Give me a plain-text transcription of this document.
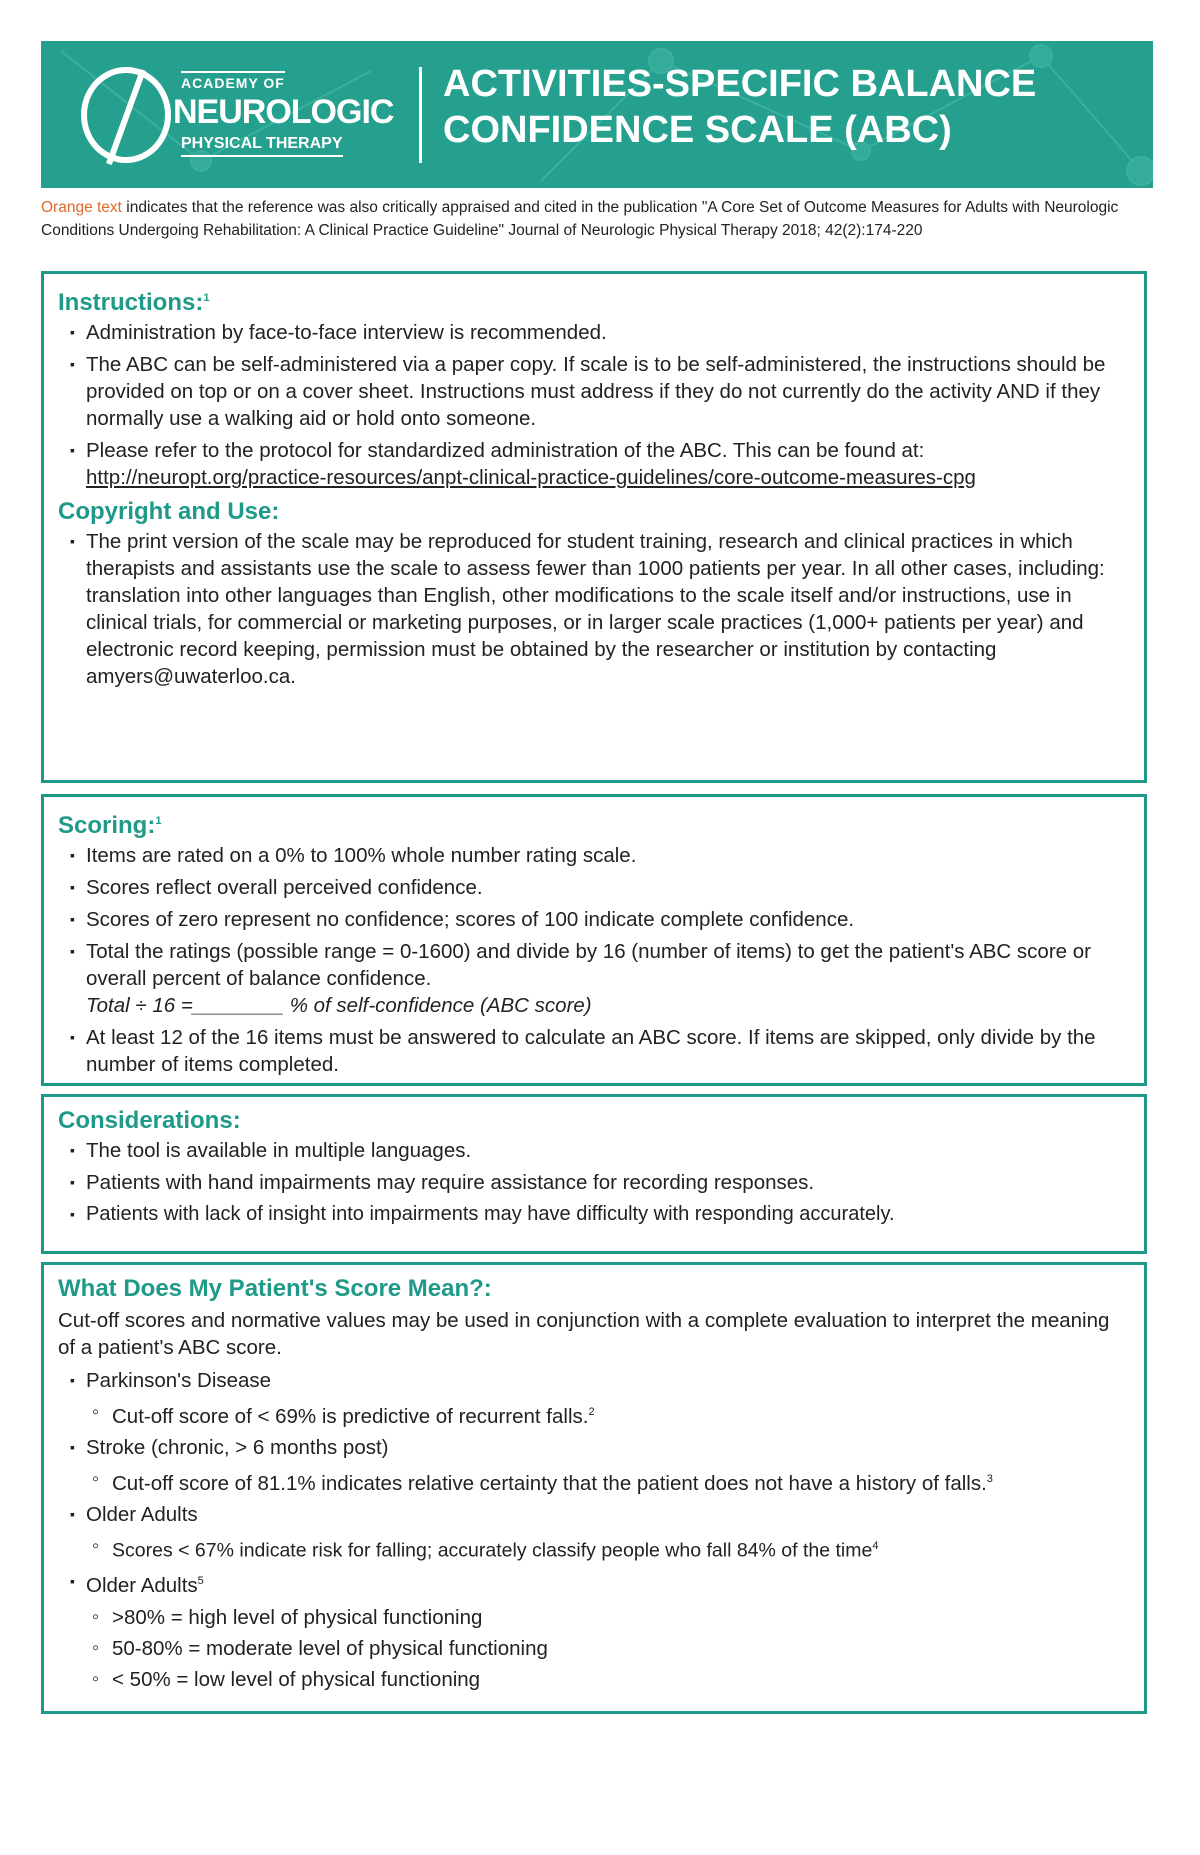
ACADEMY OF
NEUROLOGIC
PHYSICAL THERAPY
ACTIVITIES-SPECIFIC BALANCE
CONFIDENCE SCALE (ABC)
Orange text indicates that the reference was also critically appraised and cited in the publication "A Core Set of Outcome Measures for Adults with Neurologic Conditions Undergoing Rehabilitation: A Clinical Practice Guideline" Journal of Neurologic Physical Therapy 2018; 42(2):174-220
Instructions:$^1$
▪ Administration by face-to-face interview is recommended.
▪ The ABC can be self-administered via a paper copy. If scale is to be self-administered, the instructions should be provided on top or on a cover sheet. Instructions must address if they do not currently do the activity AND if they normally use a walking aid or hold onto someone.
▪ Please refer to the protocol for standardized administration of the ABC. This can be found at: http://neuropt.org/practice-resources/anpt-clinical-practice-guidelines/core-outcome-measures-cpg
Copyright and Use:
▪ The print version of the scale may be reproduced for student training, research and clinical practices in which therapists and assistants use the scale to assess fewer than 1000 patients per year. In all other cases, including: translation into other languages than English, other modifications to the scale itself and/or instructions, use in clinical trials, for commercial or marketing purposes, or in larger scale practices (1,000+ patients per year) and electronic record keeping, permission must be obtained by the researcher or institution by contacting amyers@uwaterloo.ca.
Scoring:$^1$
▪ Items are rated on a 0% to 100% whole number rating scale.
▪ Scores reflect overall perceived confidence.
▪ Scores of zero represent no confidence; scores of 100 indicate complete confidence.
▪ Total the ratings (possible range = 0-1600) and divide by 16 (number of items) to get the patient's ABC score or overall percent of balance confidence.
Total ÷ 16 =________ % of self-confidence (ABC score)
▪ At least 12 of the 16 items must be answered to calculate an ABC score. If items are skipped, only divide by the number of items completed.
Considerations:
▪ The tool is available in multiple languages.
▪ Patients with hand impairments may require assistance for recording responses.
▪ Patients with lack of insight into impairments may have difficulty with responding accurately.
What Does My Patient's Score Mean?:

Cut-off scores and normative values may be used in conjunction with a complete evaluation to interpret the meaning of a patient's ABC score.

▪ Parkinson's Disease
◦ Cut-off score of < 69% is predictive of recurrent falls.$^2$
▪ Stroke (chronic, > 6 months post)
◦ Cut-off score of 81.1% indicates relative certainty that the patient does not have a history of falls.$^3$
▪ Older Adults
◦ Scores < 67% indicate risk for falling; accurately classify people who fall 84% of the time$^4$
▪ Older Adults$^5$
◦ >80% = high level of physical functioning
◦ 50-80% = moderate level of physical functioning
◦ < 50% = low level of physical functioning
